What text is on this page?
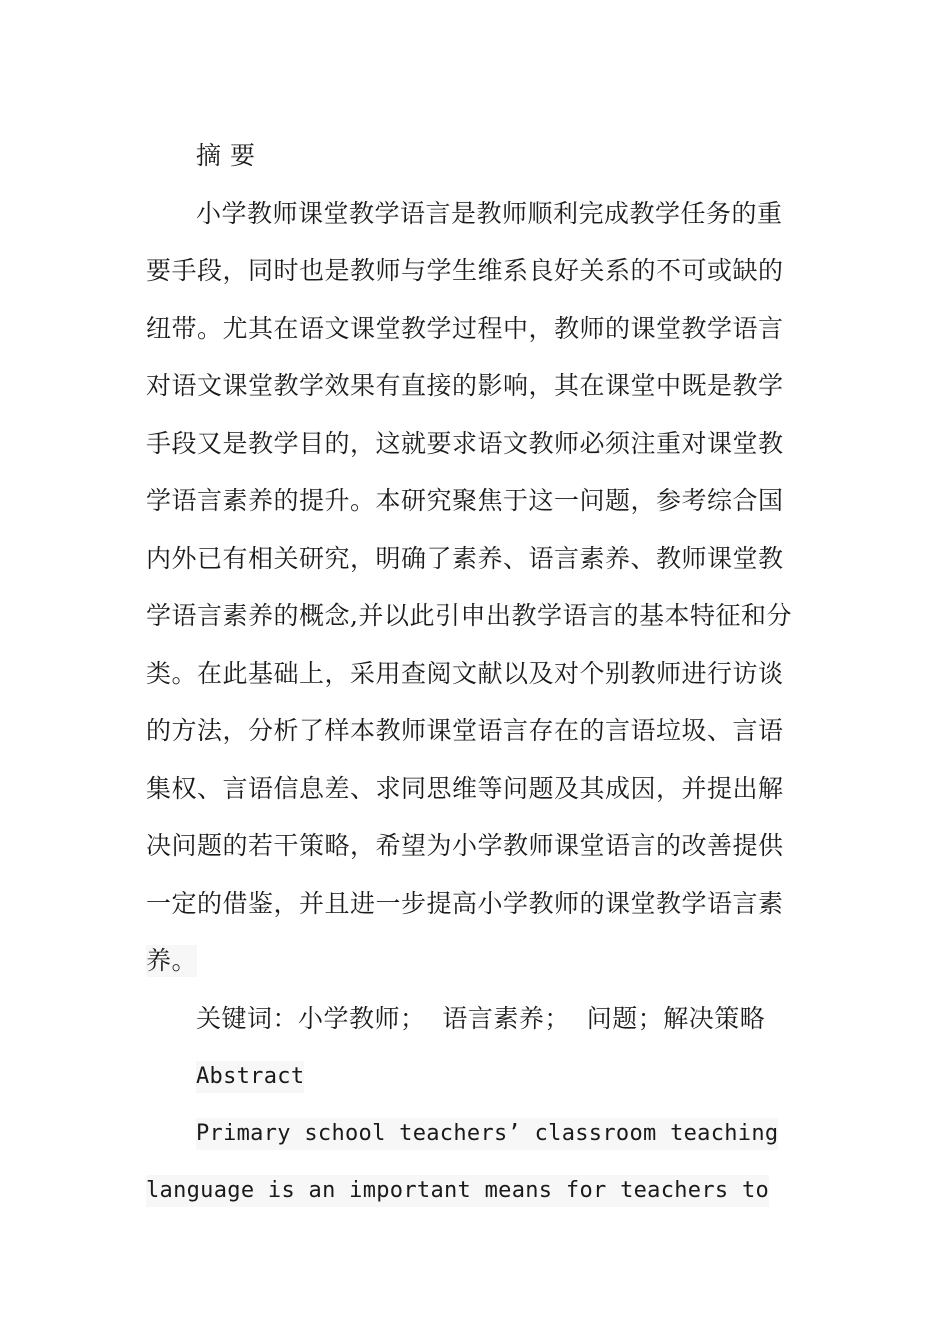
摘 要
小学教师课堂教学语言是教师顺利完成教学任务的重
要手段，同时也是教师与学生维系良好关系的不可或缺的
纽带。尤其在语文课堂教学过程中，教师的课堂教学语言
对语文课堂教学效果有直接的影响，其在课堂中既是教学
手段又是教学目的，这就要求语文教师必须注重对课堂教
学语言素养的提升。本研究聚焦于这一问题，参考综合国
内外已有相关研究，明确了素养、语言素养、教师课堂教
学语言素养的概念,并以此引申出教学语言的基本特征和分
类。在此基础上，采用查阅文献以及对个别教师进行访谈
的方法，分析了样本教师课堂语言存在的言语垃圾、言语
集权、言语信息差、求同思维等问题及其成因，并提出解
决问题的若干策略，希望为小学教师课堂语言的改善提供
一定的借鉴，并且进一步提高小学教师的课堂教学语言素
养。
关键词：小学教师；  语言素养；  问题；解决策略
Abstract
Primary school teachers’ classroom teaching
language is an important means for teachers to
